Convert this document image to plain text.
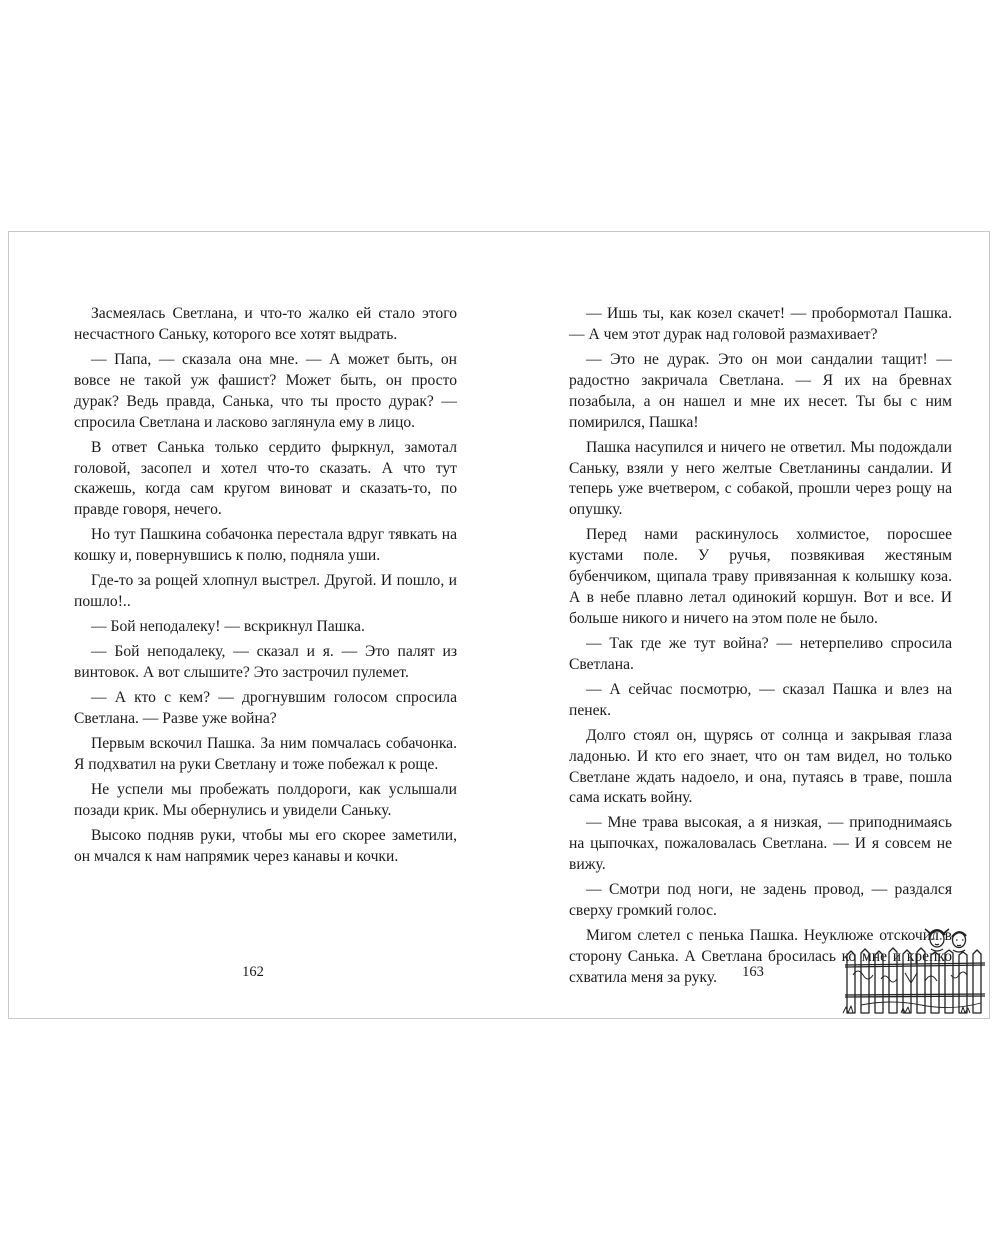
Засмеялась Светлана, и что-то жалко ей стало этого несчастного Саньку, которого все хотят выдрать.

— Папа, — сказала она мне. — А может быть, он вовсе не такой уж фашист? Может быть, он просто дурак? Ведь правда, Санька, что ты просто дурак? — спросила Светлана и ласково заглянула ему в лицо.

В ответ Санька только сердито фыркнул, замотал головой, засопел и хотел что-то сказать. А что тут скажешь, когда сам кругом виноват и сказать-то, по правде говоря, нечего.

Но тут Пашкина собачонка перестала вдруг тявкать на кошку и, повернувшись к полю, подняла уши.

Где-то за рощей хлопнул выстрел. Другой. И пошло, и пошло!..

— Бой неподалеку! — вскрикнул Пашка.

— Бой неподалеку, — сказал и я. — Это палят из винтовок. А вот слышите? Это застрочил пулемет.

— А кто с кем? — дрогнувшим голосом спросила Светлана. — Разве уже война?

Первым вскочил Пашка. За ним помчалась собачонка. Я подхватил на руки Светлану и тоже побежал к роще.

Не успели мы пробежать полдороги, как услышали позади крик. Мы обернулись и увидели Саньку.

Высоко подняв руки, чтобы мы его скорее заметили, он мчался к нам напрямик через канавы и кочки.

162

— Ишь ты, как козел скачет! — пробормотал Пашка. — А чем этот дурак над головой размахивает?

— Это не дурак. Это он мои сандалии тащит! — радостно закричала Светлана. — Я их на бревнах позабыла, а он нашел и мне их несет. Ты бы с ним помирился, Пашка!

Пашка насупился и ничего не ответил. Мы подождали Саньку, взяли у него желтые Светланины сандалии. И теперь уже вчетвером, с собакой, прошли через рощу на опушку.

Перед нами раскинулось холмистое, поросшее кустами поле. У ручья, позвякивая жестяным бубенчиком, щипала траву привязанная к колышку коза. А в небе плавно летал одинокий коршун. Вот и все. И больше никого и ничего на этом поле не было.

— Так где же тут война? — нетерпеливо спросила Светлана.

— А сейчас посмотрю, — сказал Пашка и влез на пенек.

Долго стоял он, щурясь от солнца и закрывая глаза ладонью. И кто его знает, что он там видел, но только Светлане ждать надоело, и она, путаясь в траве, пошла сама искать войну.

— Мне трава высокая, а я низкая, — приподнимаясь на цыпочках, пожаловалась Светлана. — И я совсем не вижу.

— Смотри под ноги, не задень провод, — раздался сверху громкий голос.

Мигом слетел с пенька Пашка. Неуклюже отскочил в сторону Санька. А Светлана бросилась ко мне и крепко схватила меня за руку.	163
